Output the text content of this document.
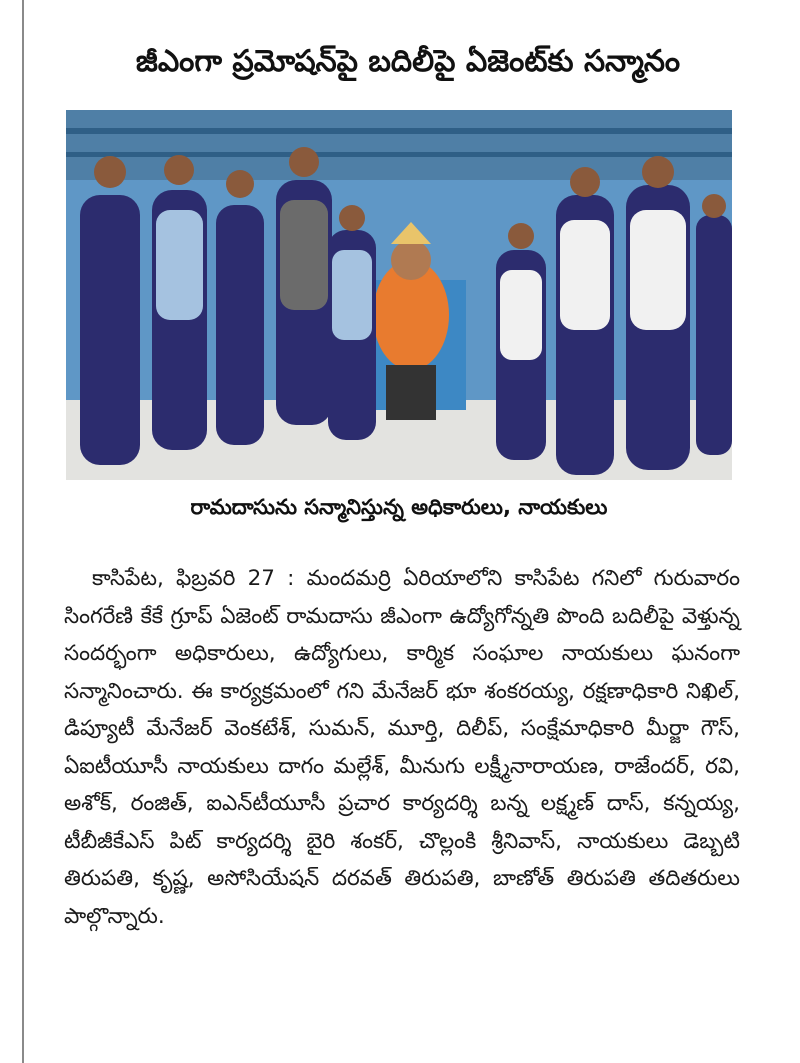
జీఎంగా ప్రమోషన్‌పై బదిలీపై ఏజెంట్‌కు సన్మానం
రామదాసును సన్మానిస్తున్న అధికారులు, నాయకులు

కాసిపేట, ఫిబ్రవరి 27 : మందమర్రి ఏరియాలోని కాసిపేట గనిలో గురువారం సింగరేణి కేకే గ్రూప్ ఏజెంట్ రామదాసు జీఎంగా ఉద్యోగోన్నతి పొంది బదిలీపై వెళ్తున్న సందర్భంగా అధికారులు, ఉద్యోగులు, కార్మిక సంఘాల నాయకులు ఘనంగా సన్మానించారు. ఈ కార్యక్రమంలో గని మేనేజర్ భూ శంకరయ్య, రక్షణాధికారి నిఖిల్, డిప్యూటీ మేనేజర్ వెంకటేశ్, సుమన్, మూర్తి, దిలీప్, సంక్షేమాధికారి మీర్జా గౌస్, ఏఐటీయూసీ నాయకులు దాగం మల్లేశ్, మీనుగు లక్ష్మీనారాయణ, రాజేందర్, రవి, అశోక్, రంజిత్, ఐఎన్‌టీయూసీ ప్రచార కార్యదర్శి బన్న లక్ష్మణ్ దాస్, కన్నయ్య, టీబీజీకేఎస్ పిట్ కార్యదర్శి బైరి శంకర్, చొల్లంకి శ్రీనివాస్, నాయకులు డెబ్బటి తిరుపతి, కృష్ణ, అసోసియేషన్ దరవత్ తిరుపతి, బాణోత్ తిరుపతి తదితరులు పాల్గొన్నారు.
